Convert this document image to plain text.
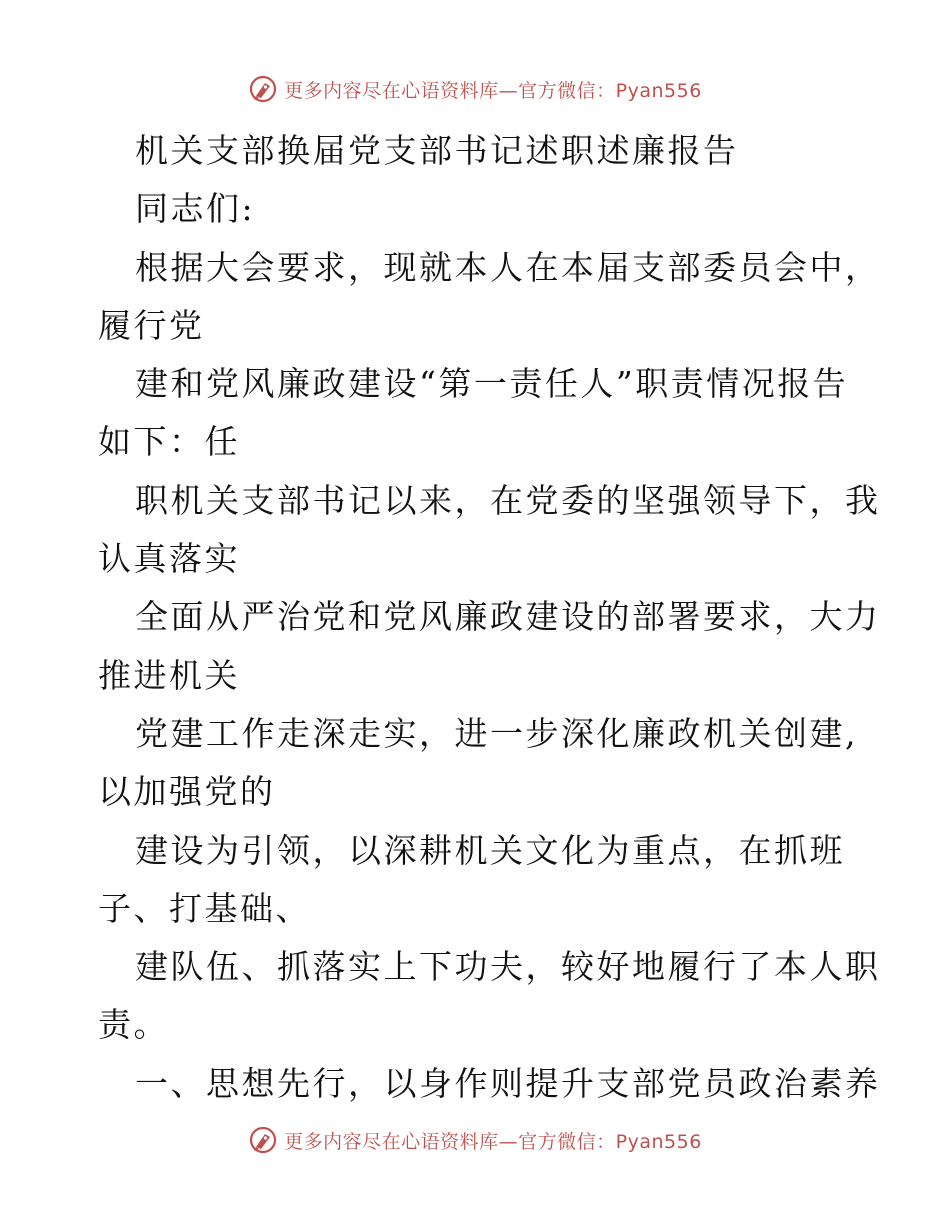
更多内容尽在心语资料库—官方微信：Pyan556
机关支部换届党支部书记述职述廉报告
同志们:
根据大会要求，现就本人在本届支部委员会中，
履行党
建和党风廉政建设“第一责任人”职责情况报告
如下：任
职机关支部书记以来，在党委的坚强领导下，我
认真落实
全面从严治党和党风廉政建设的部署要求，大力
推进机关
党建工作走深走实，进一步深化廉政机关创建,
以加强党的
建设为引领，以深耕机关文化为重点，在抓班
子、打基础、
建队伍、抓落实上下功夫，较好地履行了本人职
责。
一、思想先行，以身作则提升支部党员政治素养
更多内容尽在心语资料库—官方微信：Pyan556
